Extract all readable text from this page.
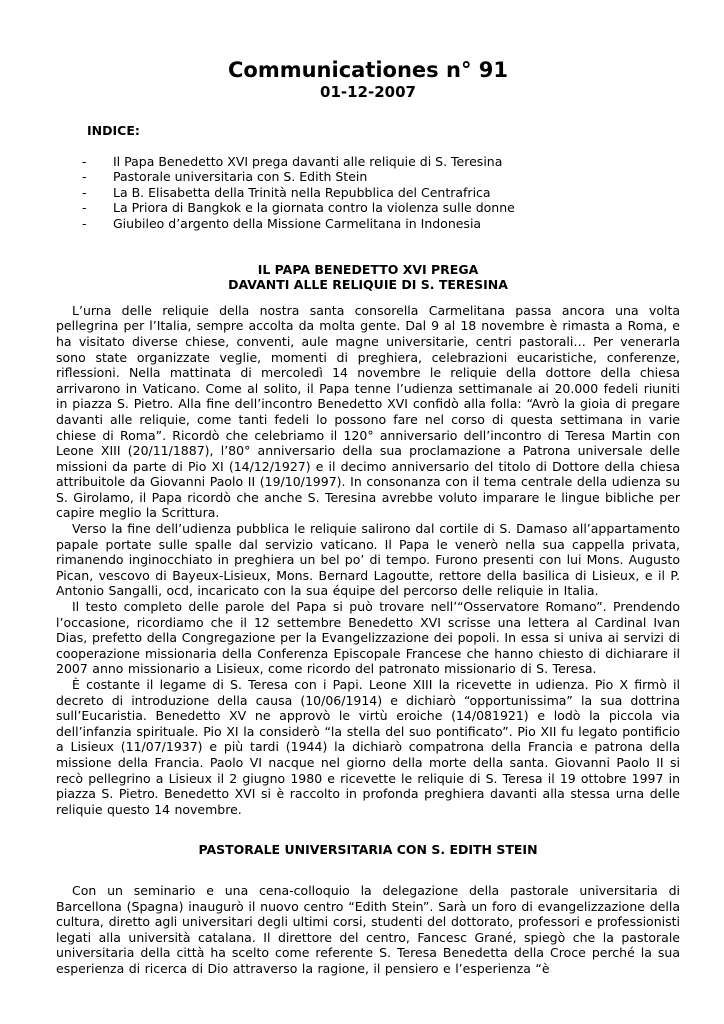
Communicationes n° 91
01-12-2007
INDICE:
-	Il Papa Benedetto XVI prega davanti alle reliquie di S. Teresina
-	Pastorale universitaria con S. Edith Stein
-	La B. Elisabetta della Trinità nella Repubblica del Centrafrica
-	La Priora di Bangkok e la giornata contro la violenza sulle donne
-	Giubileo d’argento della Missione Carmelitana in Indonesia
IL PAPA BENEDETTO XVI PREGA
DAVANTI ALLE RELIQUIE DI S. TERESINA

L’urna delle reliquie della nostra santa consorella Carmelitana passa ancora una volta pellegrina per l’Italia, sempre accolta da molta gente. Dal 9 al 18 novembre è rimasta a Roma, e ha visitato diverse chiese, conventi, aule magne universitarie, centri pastorali… Per venerarla sono state organizzate veglie, momenti di preghiera, celebrazioni eucaristiche, conferenze, riflessioni. Nella mattinata di mercoledì 14 novembre le reliquie della dottore della chiesa arrivarono in Vaticano. Come al solito, il Papa tenne l’udienza settimanale ai 20.000 fedeli riuniti in piazza S. Pietro. Alla fine dell’incontro Benedetto XVI confidò alla folla: “Avrò la gioia di pregare davanti alle reliquie, come tanti fedeli lo possono fare nel corso di questa settimana in varie chiese di Roma”. Ricordò che celebriamo il 120° anniversario dell’incontro di Teresa Martin con Leone XIII (20/11/1887), l’80° anniversario della sua proclamazione a Patrona universale delle missioni da parte di Pio XI (14/12/1927) e il decimo anniversario del titolo di Dottore della chiesa attribuitole da Giovanni Paolo II (19/10/1997). In consonanza con il tema centrale della udienza su S. Girolamo, il Papa ricordò che anche S. Teresina avrebbe voluto imparare le lingue bibliche per capire meglio la Scrittura.

Verso la fine dell’udienza pubblica le reliquie salirono dal cortile di S. Damaso all’appartamento papale portate sulle spalle dal servizio vaticano. Il Papa le venerò nella sua cappella privata, rimanendo inginocchiato in preghiera un bel po’ di tempo. Furono presenti con lui Mons. Augusto Pican, vescovo di Bayeux-Lisieux, Mons. Bernard Lagoutte, rettore della basilica di Lisieux, e il P. Antonio Sangalli, ocd, incaricato con la sua équipe del percorso delle reliquie in Italia.

Il testo completo delle parole del Papa si può trovare nell’“Osservatore Romano”. Prendendo l’occasione, ricordiamo che il 12 settembre Benedetto XVI scrisse una lettera al Cardinal Ivan Dias, prefetto della Congregazione per la Evangelizzazione dei popoli. In essa si univa ai servizi di cooperazione missionaria della Conferenza Episcopale Francese che hanno chiesto di dichiarare il 2007 anno missionario a Lisieux, come ricordo del patronato missionario di S. Teresa.

È costante il legame di S. Teresa con i Papi. Leone XIII la ricevette in udienza. Pio X firmò il decreto di introduzione della causa (10/06/1914) e dichiarò “opportunissima” la sua dottrina sull’Eucaristia. Benedetto XV ne approvò le virtù eroiche (14/081921) e lodò la piccola via dell’infanzia spirituale. Pio XI la considerò “la stella del suo pontificato”. Pio XII fu legato pontificio a Lisieux (11/07/1937) e più tardi (1944) la dichiarò compatrona della Francia e patrona della missione della Francia. Paolo VI nacque nel giorno della morte della santa. Giovanni Paolo II si recò pellegrino a Lisieux il 2 giugno 1980 e ricevette le reliquie di S. Teresa il 19 ottobre 1997 in piazza S. Pietro. Benedetto XVI si è raccolto in profonda preghiera davanti alla stessa urna delle reliquie questo 14 novembre.

PASTORALE UNIVERSITARIA CON S. EDITH STEIN

Con un seminario e una cena-colloquio la delegazione della pastorale universitaria di Barcellona (Spagna) inaugurò il nuovo centro “Edith Stein”. Sarà un foro di evangelizzazione della cultura, diretto agli universitari degli ultimi corsi, studenti del dottorato, professori e professionisti legati alla università catalana. Il direttore del centro, Fancesc Grané, spiegò che la pastorale universitaria della città ha scelto come referente S. Teresa Benedetta della Croce perché la sua esperienza di ricerca di Dio attraverso la ragione, il pensiero e l’esperienza “è
